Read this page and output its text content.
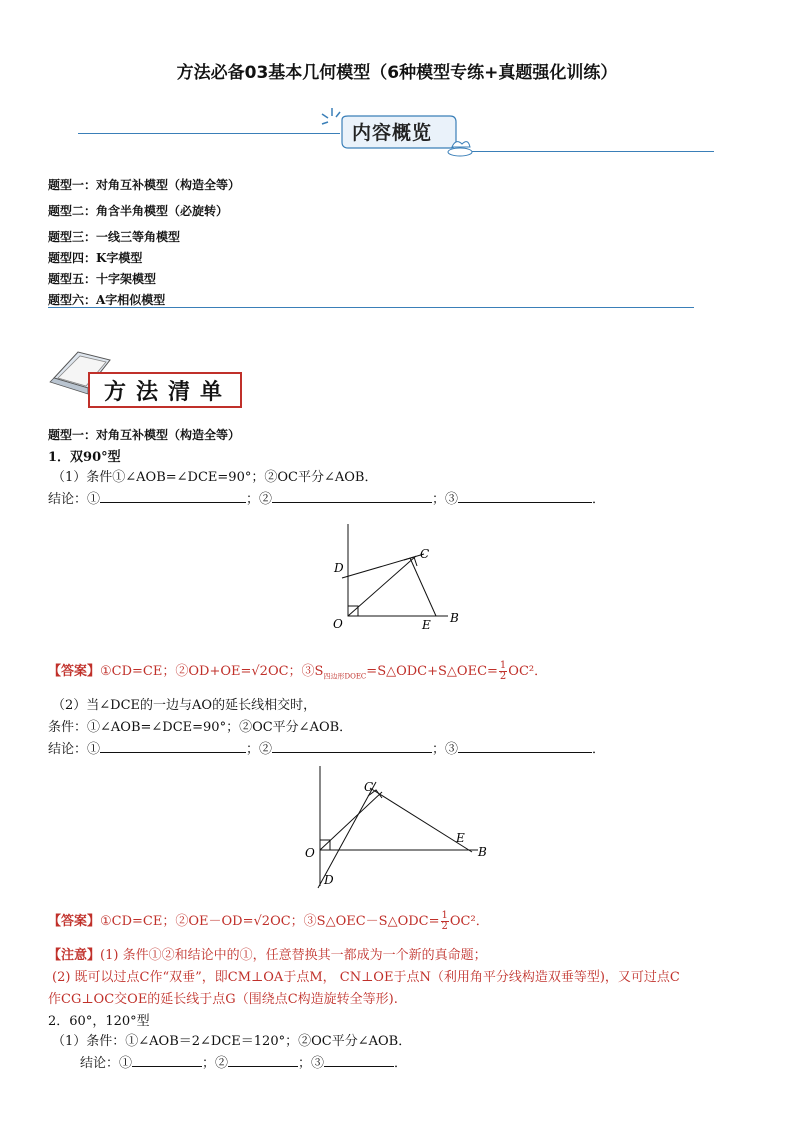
方法必备03基本几何模型（6种模型专练+真题强化训练）
内容概览
题型一：对角互补模型（构造全等）
题型二：角含半角模型（必旋转）
题型三：一线三等角模型
题型四：K字模型
题型五：十字架模型
题型六：A字相似模型
方法清单
题型一：对角互补模型（构造全等）
1．双90°型
（1）条件①∠AOB=∠DCE=90°；②OC平分∠AOB．
结论：①	；②	；③	．
D
C
O	E B
【答案】①CD=CE；②OD+OE=√2OC；$③S_{四边形DOEC}=S\triangle ODC+S\triangle OEC= \frac{1}{2} OC^2$．
（2）当∠DCE的一边与AO的延长线相交时，
条件：①∠AOB=∠DCE=90°；②OC平分∠AOB．
结论：①	；②	；③	．
C
O
E
B
D
【答案】①CD=CE；②OE－OD=√2OC；③S△OEC－S△ODC= $\frac{1}{2} OC^2$．
【注意】(1) 条件①②和结论中的①，任意替换其一都成为一个新的真命题；
(2) 既可以过点C作“双垂”，即CM⊥OA于点M， CN⊥OE于点N（利用角平分线构造双垂等型)，又可过点C
作CG⊥OC交OE的延长线于点G（围绕点C构造旋转全等形).
2．60°，120°型
（1）条件：①∠AOB＝2∠DCE＝120°；②OC平分∠AOB．
结论：①	；②	；③	．
